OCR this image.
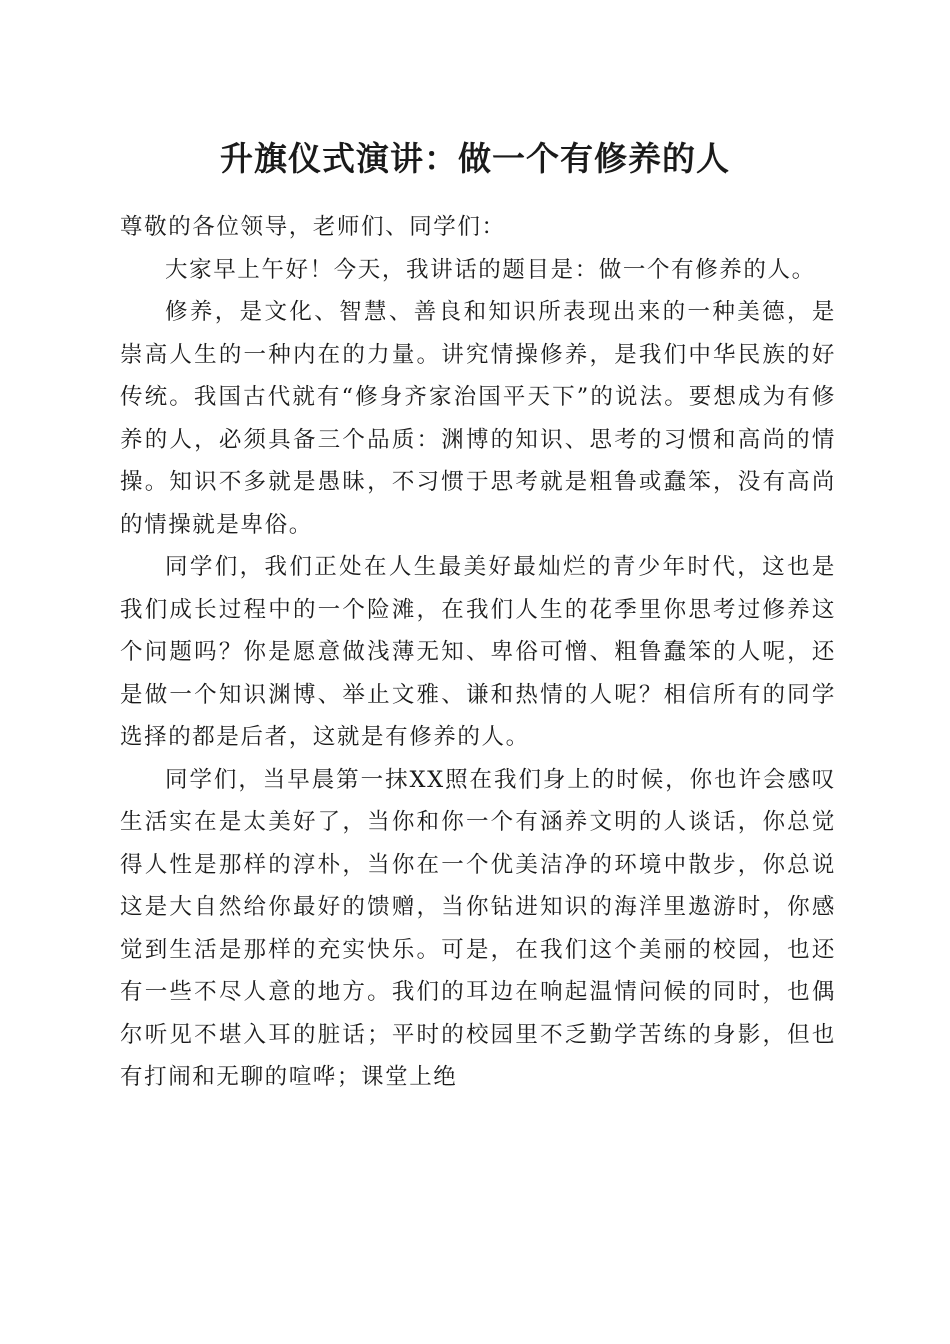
升旗仪式演讲：做一个有修养的人

尊敬的各位领导，老师们、同学们：

大家早上午好！今天，我讲话的题目是：做一个有修养的人。

修养，是文化、智慧、善良和知识所表现出来的一种美德，是崇高人生的一种内在的力量。讲究情操修养，是我们中华民族的好传统。我国古代就有“修身齐家治国平天下”的说法。要想成为有修养的人，必须具备三个品质：渊博的知识、思考的习惯和高尚的情操。知识不多就是愚昧，不习惯于思考就是粗鲁或蠢笨，没有高尚的情操就是卑俗。

同学们，我们正处在人生最美好最灿烂的青少年时代，这也是我们成长过程中的一个险滩，在我们人生的花季里你思考过修养这个问题吗？你是愿意做浅薄无知、卑俗可憎、粗鲁蠢笨的人呢，还是做一个知识渊博、举止文雅、谦和热情的人呢？相信所有的同学选择的都是后者，这就是有修养的人。

同学们，当早晨第一抹XX照在我们身上的时候，你也许会感叹生活实在是太美好了，当你和你一个有涵养文明的人谈话，你总觉得人性是那样的淳朴，当你在一个优美洁净的环境中散步，你总说这是大自然给你最好的馈赠，当你钻进知识的海洋里遨游时，你感觉到生活是那样的充实快乐。可是，在我们这个美丽的校园，也还有一些不尽人意的地方。我们的耳边在响起温情问候的同时，也偶尔听见不堪入耳的脏话；平时的校园里不乏勤学苦练的身影，但也有打闹和无聊的喧哗；课堂上绝
